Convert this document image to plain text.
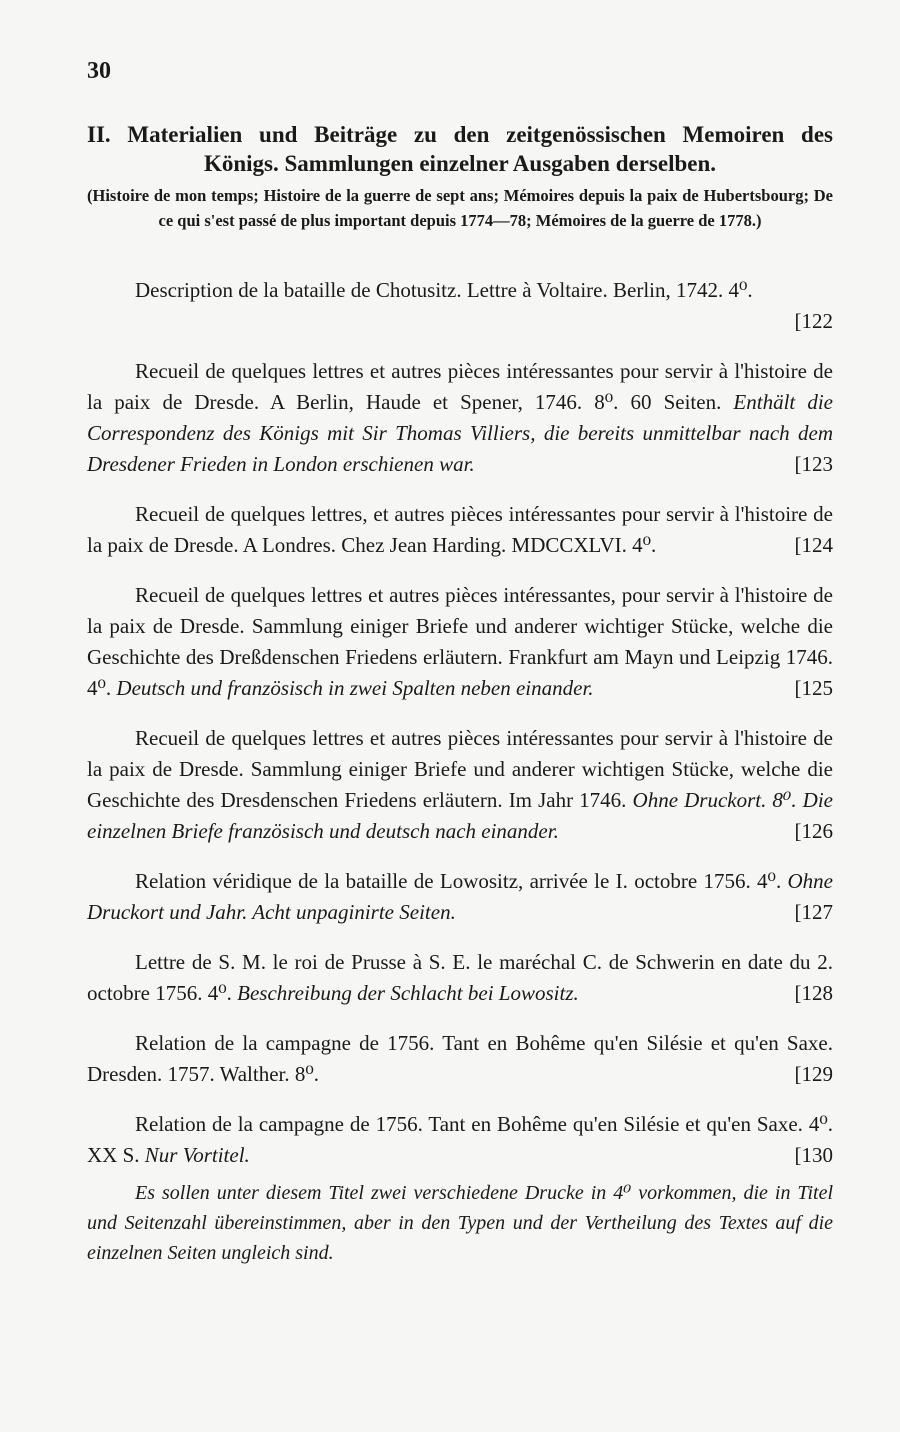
30
II. Materialien und Beiträge zu den zeitgenössischen Memoiren des
Königs. Sammlungen einzelner Ausgaben derselben.
(Histoire de mon temps; Histoire de la guerre de sept ans; Mémoires depuis la paix de Hubertsbourg; De ce qui s'est passé de plus important depuis 1774—78; Mémoires de la guerre de 1778.)

Description de la bataille de Chotusitz. Lettre à Voltaire. Berlin, 1742. 4⁰.
[122

Recueil de quelques lettres et autres pièces intéressantes pour servir à l'histoire de la paix de Dresde. A Berlin, Haude et Spener, 1746. 8⁰. 60 Seiten. Enthält die Correspondenz des Königs mit Sir Thomas Villiers, die bereits unmittelbar nach dem Dresdener Frieden in London erschienen war.	[123

Recueil de quelques lettres, et autres pièces intéressantes pour servir à l'histoire de la paix de Dresde. A Londres. Chez Jean Harding. MDCCXLVI. 4⁰.	[124

Recueil de quelques lettres et autres pièces intéressantes, pour servir à l'histoire de la paix de Dresde. Sammlung einiger Briefe und anderer wichtiger Stücke, welche die Geschichte des Dreßdenschen Friedens erläutern. Frankfurt am Mayn und Leipzig 1746. 4⁰. Deutsch und französisch in zwei Spalten neben einander.	[125

Recueil de quelques lettres et autres pièces intéressantes pour servir à l'histoire de la paix de Dresde. Sammlung einiger Briefe und anderer wichtigen Stücke, welche die Geschichte des Dresdenschen Friedens erläutern. Im Jahr 1746. Ohne Druckort. 8⁰. Die einzelnen Briefe französisch und deutsch nach einander.	[126

Relation véridique de la bataille de Lowositz, arrivée le I. octobre 1756. 4⁰. Ohne Druckort und Jahr. Acht unpaginirte Seiten.	[127

Lettre de S. M. le roi de Prusse à S. E. le maréchal C. de Schwerin en date du 2. octobre 1756. 4⁰. Beschreibung der Schlacht bei Lowositz.	[128

Relation de la campagne de 1756. Tant en Bohême qu'en Silésie et qu'en Saxe. Dresden. 1757. Walther. 8⁰.	[129

Relation de la campagne de 1756. Tant en Bohême qu'en Silésie et qu'en Saxe. 4⁰. XX S. Nur Vortitel.	[130

Es sollen unter diesem Titel zwei verschiedene Drucke in 4⁰ vorkommen, die in Titel und Seitenzahl übereinstimmen, aber in den Typen und der Vertheilung des Textes auf die einzelnen Seiten ungleich sind.
